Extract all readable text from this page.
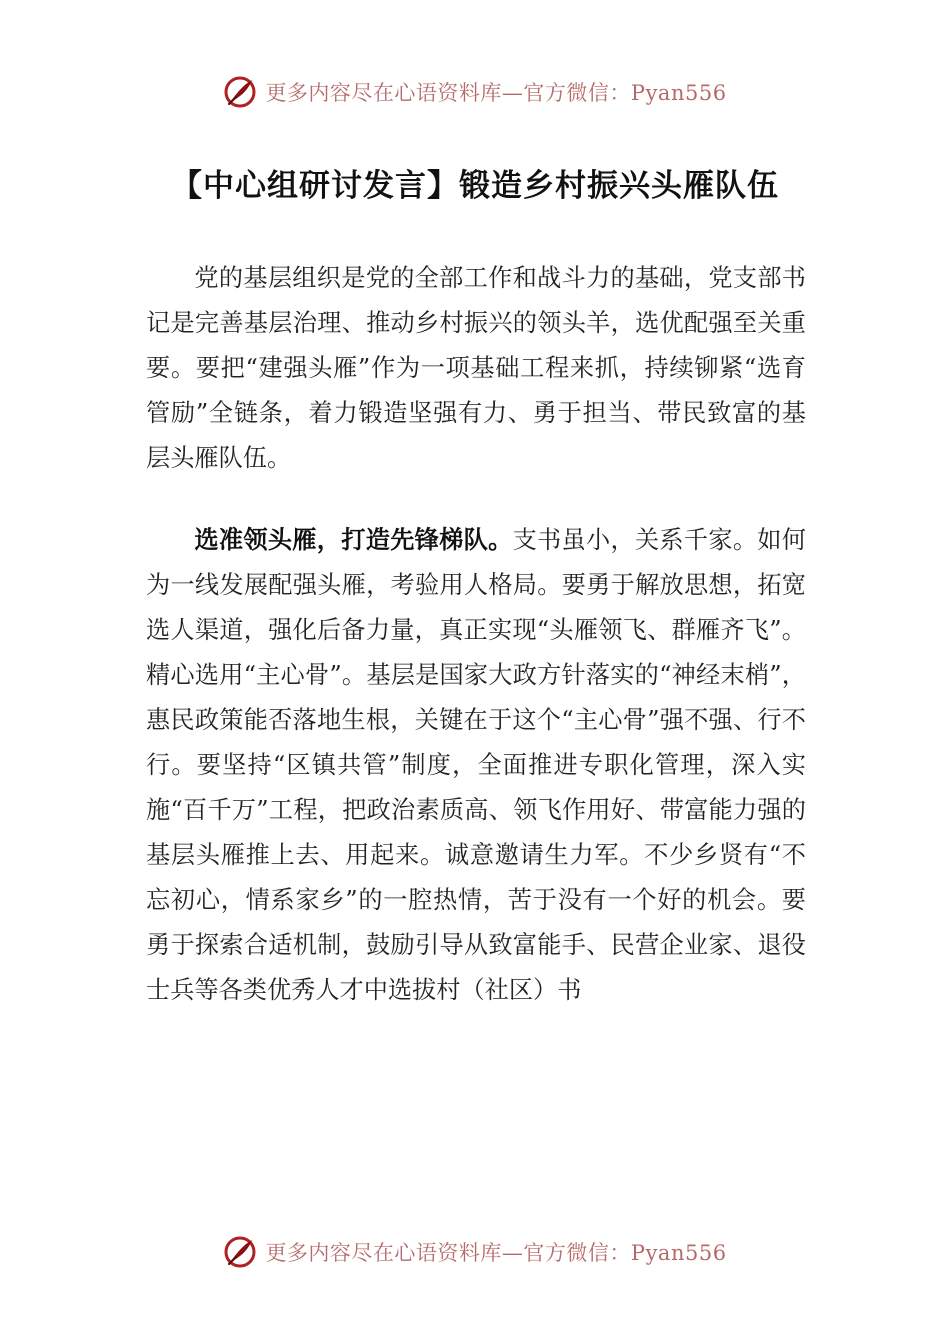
更多内容尽在心语资料库—官方微信：Pyan556
【中心组研讨发言】锻造乡村振兴头雁队伍

党的基层组织是党的全部工作和战斗力的基础，党支部书记是完善基层治理、推动乡村振兴的领头羊，选优配强至关重要。要把“建强头雁”作为一项基础工程来抓，持续铆紧“选育管励”全链条，着力锻造坚强有力、勇于担当、带民致富的基层头雁队伍。

选准领头雁，打造先锋梯队。支书虽小，关系千家。如何为一线发展配强头雁，考验用人格局。要勇于解放思想，拓宽选人渠道，强化后备力量，真正实现“头雁领飞、群雁齐飞”。精心选用“主心骨”。基层是国家大政方针落实的“神经末梢”，惠民政策能否落地生根，关键在于这个“主心骨”强不强、行不行。要坚持“区镇共管”制度，全面推进专职化管理，深入实施“百千万”工程，把政治素质高、领飞作用好、带富能力强的基层头雁推上去、用起来。诚意邀请生力军。不少乡贤有“不忘初心，情系家乡”的一腔热情，苦于没有一个好的机会。要勇于探索合适机制，鼓励引导从致富能手、民营企业家、退役士兵等各类优秀人才中选拔村（社区）书

更多内容尽在心语资料库—官方微信：Pyan556
